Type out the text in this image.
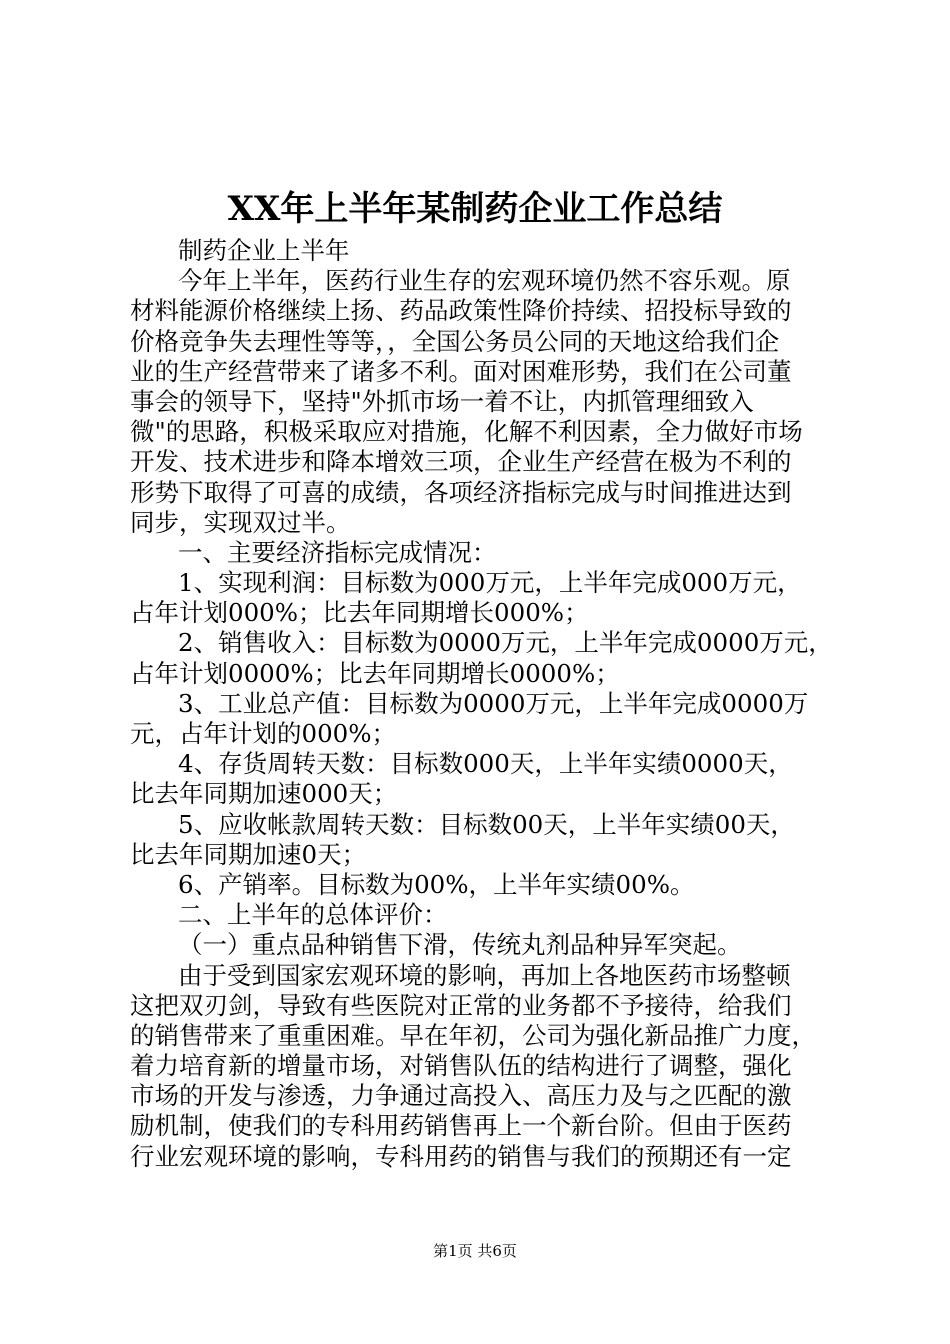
XX年上半年某制药企业工作总结
制药企业上半年
今年上半年，医药行业生存的宏观环境仍然不容乐观。原
材料能源价格继续上扬、药品政策性降价持续、招投标导致的
价格竞争失去理性等等，，全国公务员公同的天地这给我们企
业的生产经营带来了诸多不利。面对困难形势，我们在公司董
事会的领导下，坚持"外抓市场一着不让，内抓管理细致入
微"的思路，积极采取应对措施，化解不利因素，全力做好市场
开发、技术进步和降本增效三项，企业生产经营在极为不利的
形势下取得了可喜的成绩，各项经济指标完成与时间推进达到
同步，实现双过半。
一、主要经济指标完成情况：
1、实现利润：目标数为000万元，上半年完成000万元，
占年计划000%；比去年同期增长000%；
2、销售收入：目标数为0000万元，上半年完成0000万元，
占年计划0000%；比去年同期增长0000%；
3、工业总产值：目标数为0000万元，上半年完成0000万
元，占年计划的000%；
4、存货周转天数：目标数000天，上半年实绩0000天，
比去年同期加速000天；
5、应收帐款周转天数：目标数00天，上半年实绩00天，
比去年同期加速0天；
6、产销率。目标数为00%，上半年实绩00%。
二、上半年的总体评价：
（一）重点品种销售下滑，传统丸剂品种异军突起。
由于受到国家宏观环境的影响，再加上各地医药市场整顿
这把双刃剑，导致有些医院对正常的业务都不予接待，给我们
的销售带来了重重困难。早在年初，公司为强化新品推广力度，
着力培育新的增量市场，对销售队伍的结构进行了调整，强化
市场的开发与渗透，力争通过高投入、高压力及与之匹配的激
励机制，使我们的专科用药销售再上一个新台阶。但由于医药
行业宏观环境的影响，专科用药的销售与我们的预期还有一定
第1页 共6页
